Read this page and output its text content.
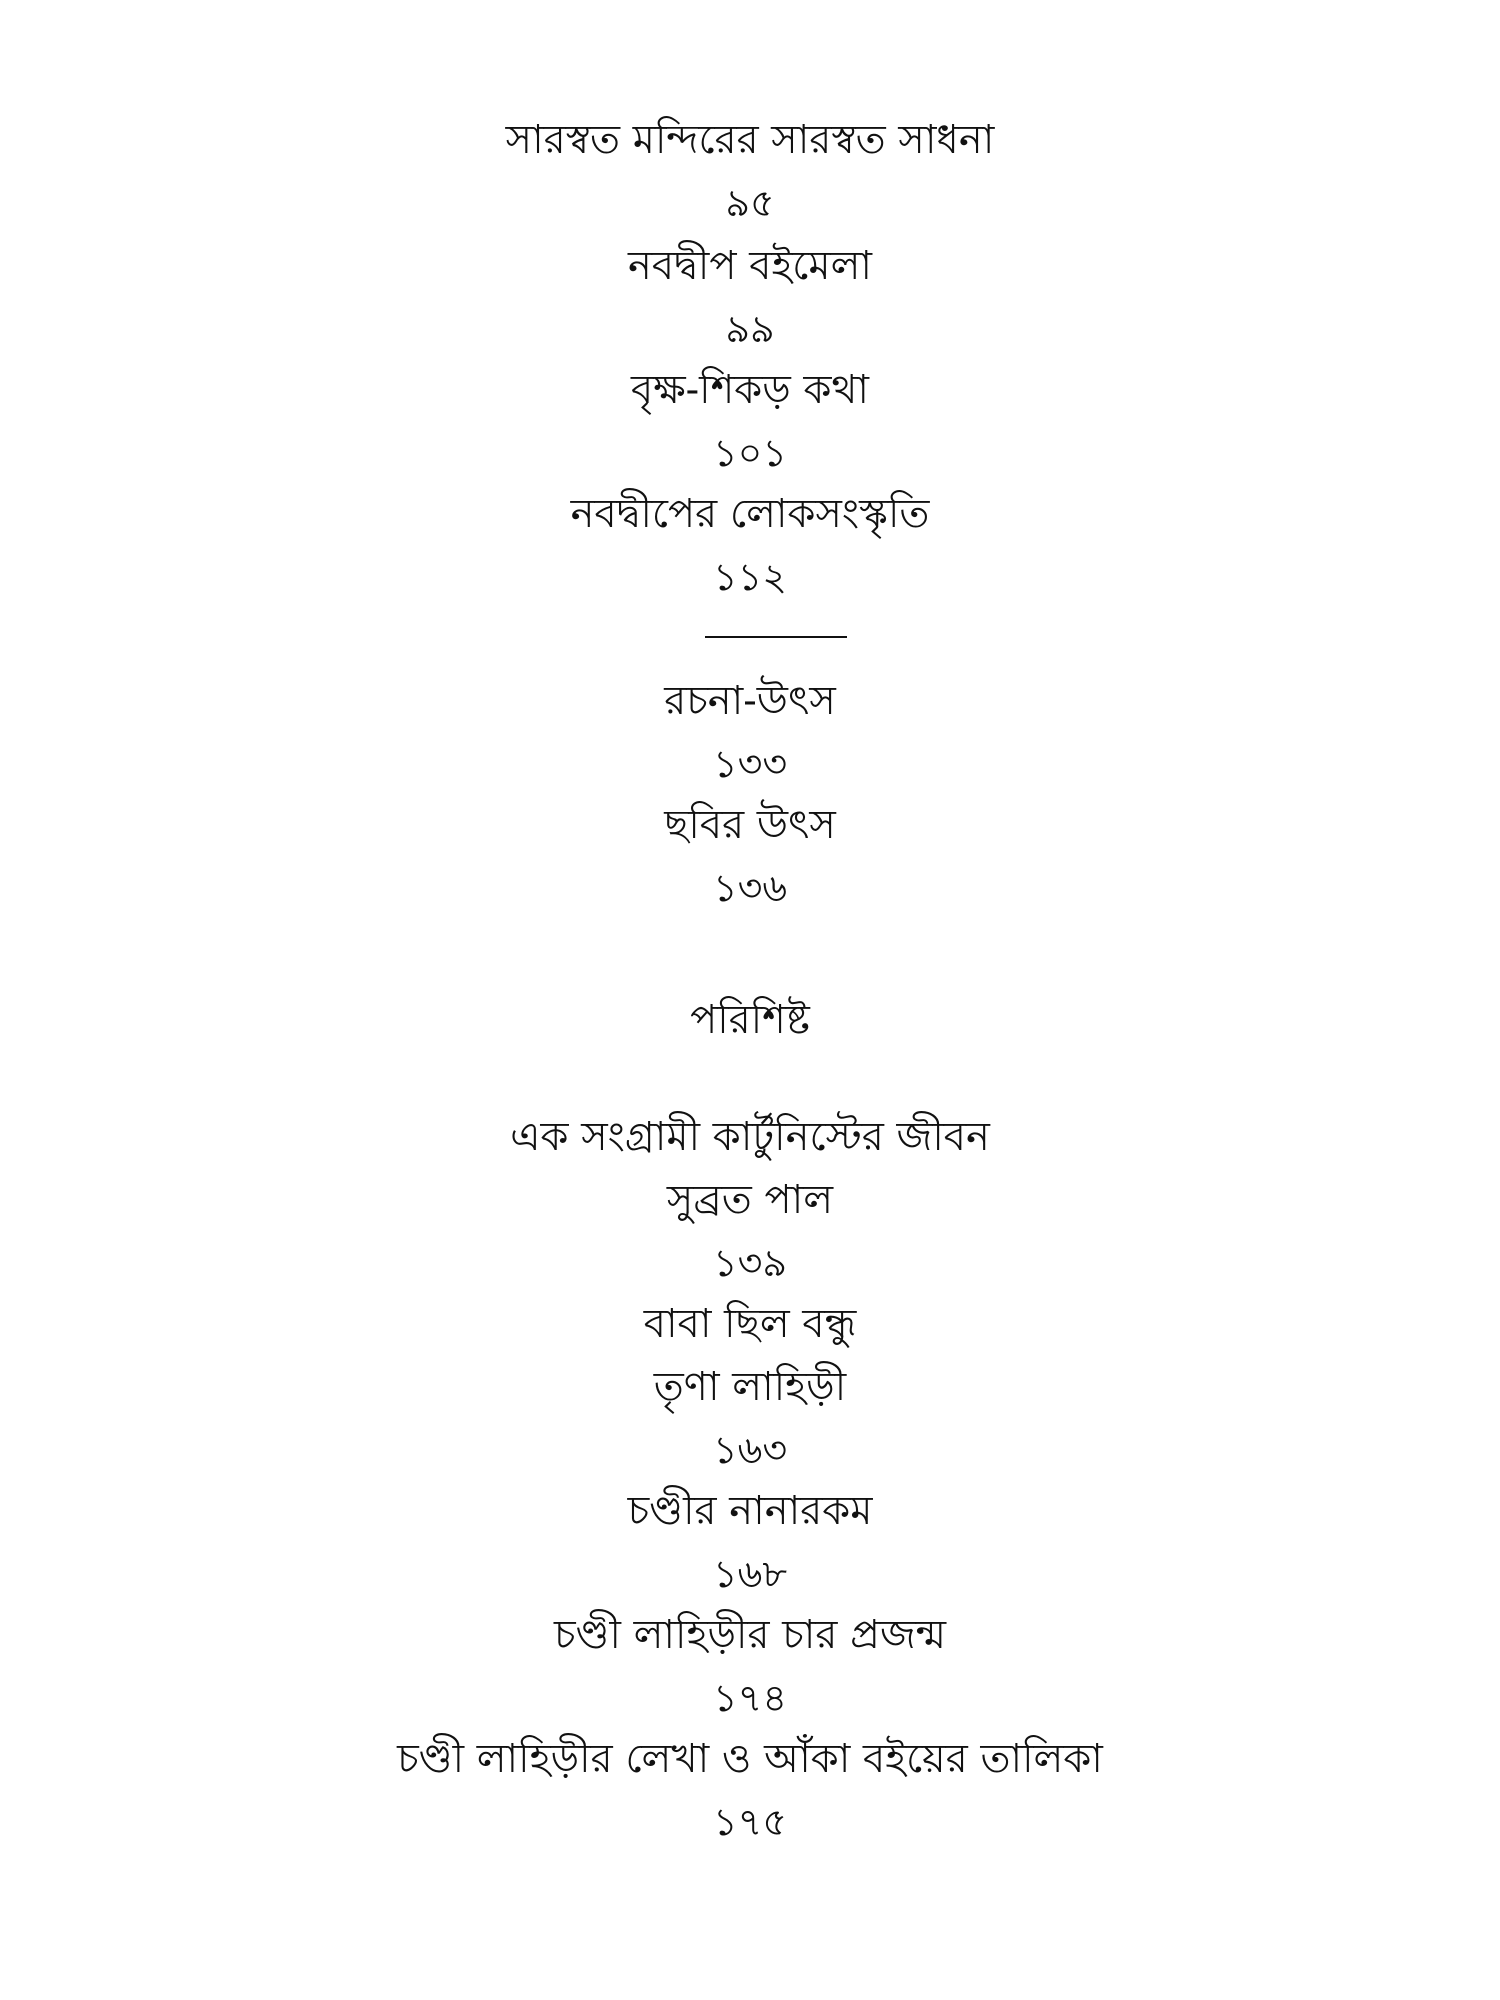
সারস্বত মন্দিরের সারস্বত সাধনা
৯৫
নবদ্বীপ বইমেলা
৯৯
বৃক্ষ-শিকড় কথা
১০১
নবদ্বীপের লোকসংস্কৃতি
১১২
রচনা-উৎস
১৩৩
ছবির উৎস
১৩৬
পরিশিষ্ট
এক সংগ্রামী কার্টুনিস্টের জীবন
সুব্রত পাল
১৩৯
বাবা ছিল বন্ধু
তৃণা লাহিড়ী
১৬৩
চণ্ডীর নানারকম
১৬৮
চণ্ডী লাহিড়ীর চার প্রজন্ম
১৭৪
চণ্ডী লাহিড়ীর লেখা ও আঁকা বইয়ের তালিকা
১৭৫
